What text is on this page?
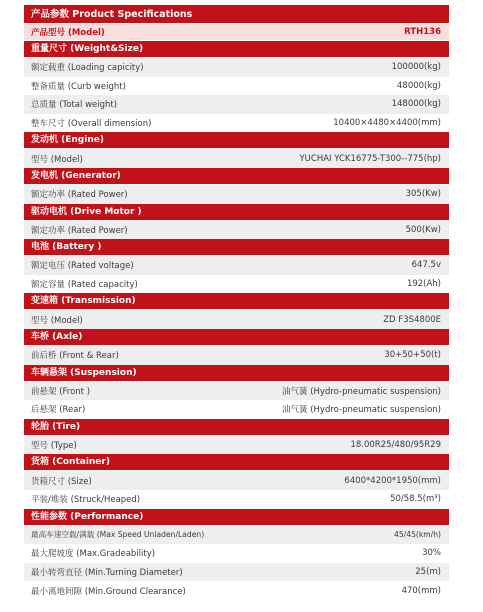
产品参数 Product Specifications
产品型号 (Model)	RTH136
重量尺寸 (Weight&Size)
额定载重 (Loading capicity)	100000(kg)
整备质量 (Curb weight)	48000(kg)
总质量 (Total weight)	148000(kg)
整车尺寸 (Overall dimension)	10400×4480×4400(mm)
发动机 (Engine)
型号 (Model)	YUCHAI YCK16775-T300--775(hp)
发电机 (Generator)
额定功率 (Rated Power)	305(Kw)
驱动电机 (Drive Motor )
额定功率 (Rated Power)	500(Kw)
电池 (Battery )
额定电压 (Rated voltage)	647.5v
额定容量 (Rated capacity)	192(Ah)
变速箱 (Transmission)
型号 (Model)	ZD F3S4800E
车桥 (Axle)
前后桥 (Front & Rear)	30+50+50(t)
车辆悬架 (Suspension)
前悬架 (Front )	油气簧 (Hydro-pneumatic suspension)
后悬架 (Rear)	油气簧 (Hydro-pneumatic suspension)
轮胎 (Tire)
型号 (Type)	18.00R25/480/95R29
货箱 (Container)
货箱尺寸 (Size)	6400*4200*1950(mm)
平装/堆装 (Struck/Heaped)	50/58.5(m³)
性能参数 (Performance)
最高车速空载/满载 (Max Speed Unladen/Laden)	45/45(km/h)
最大爬坡度 (Max.Gradeability)	30%
最小转弯直径 (Min.Turning Diameter)	25(m)
最小离地间隙 (Min.Ground Clearance)	470(mm)
